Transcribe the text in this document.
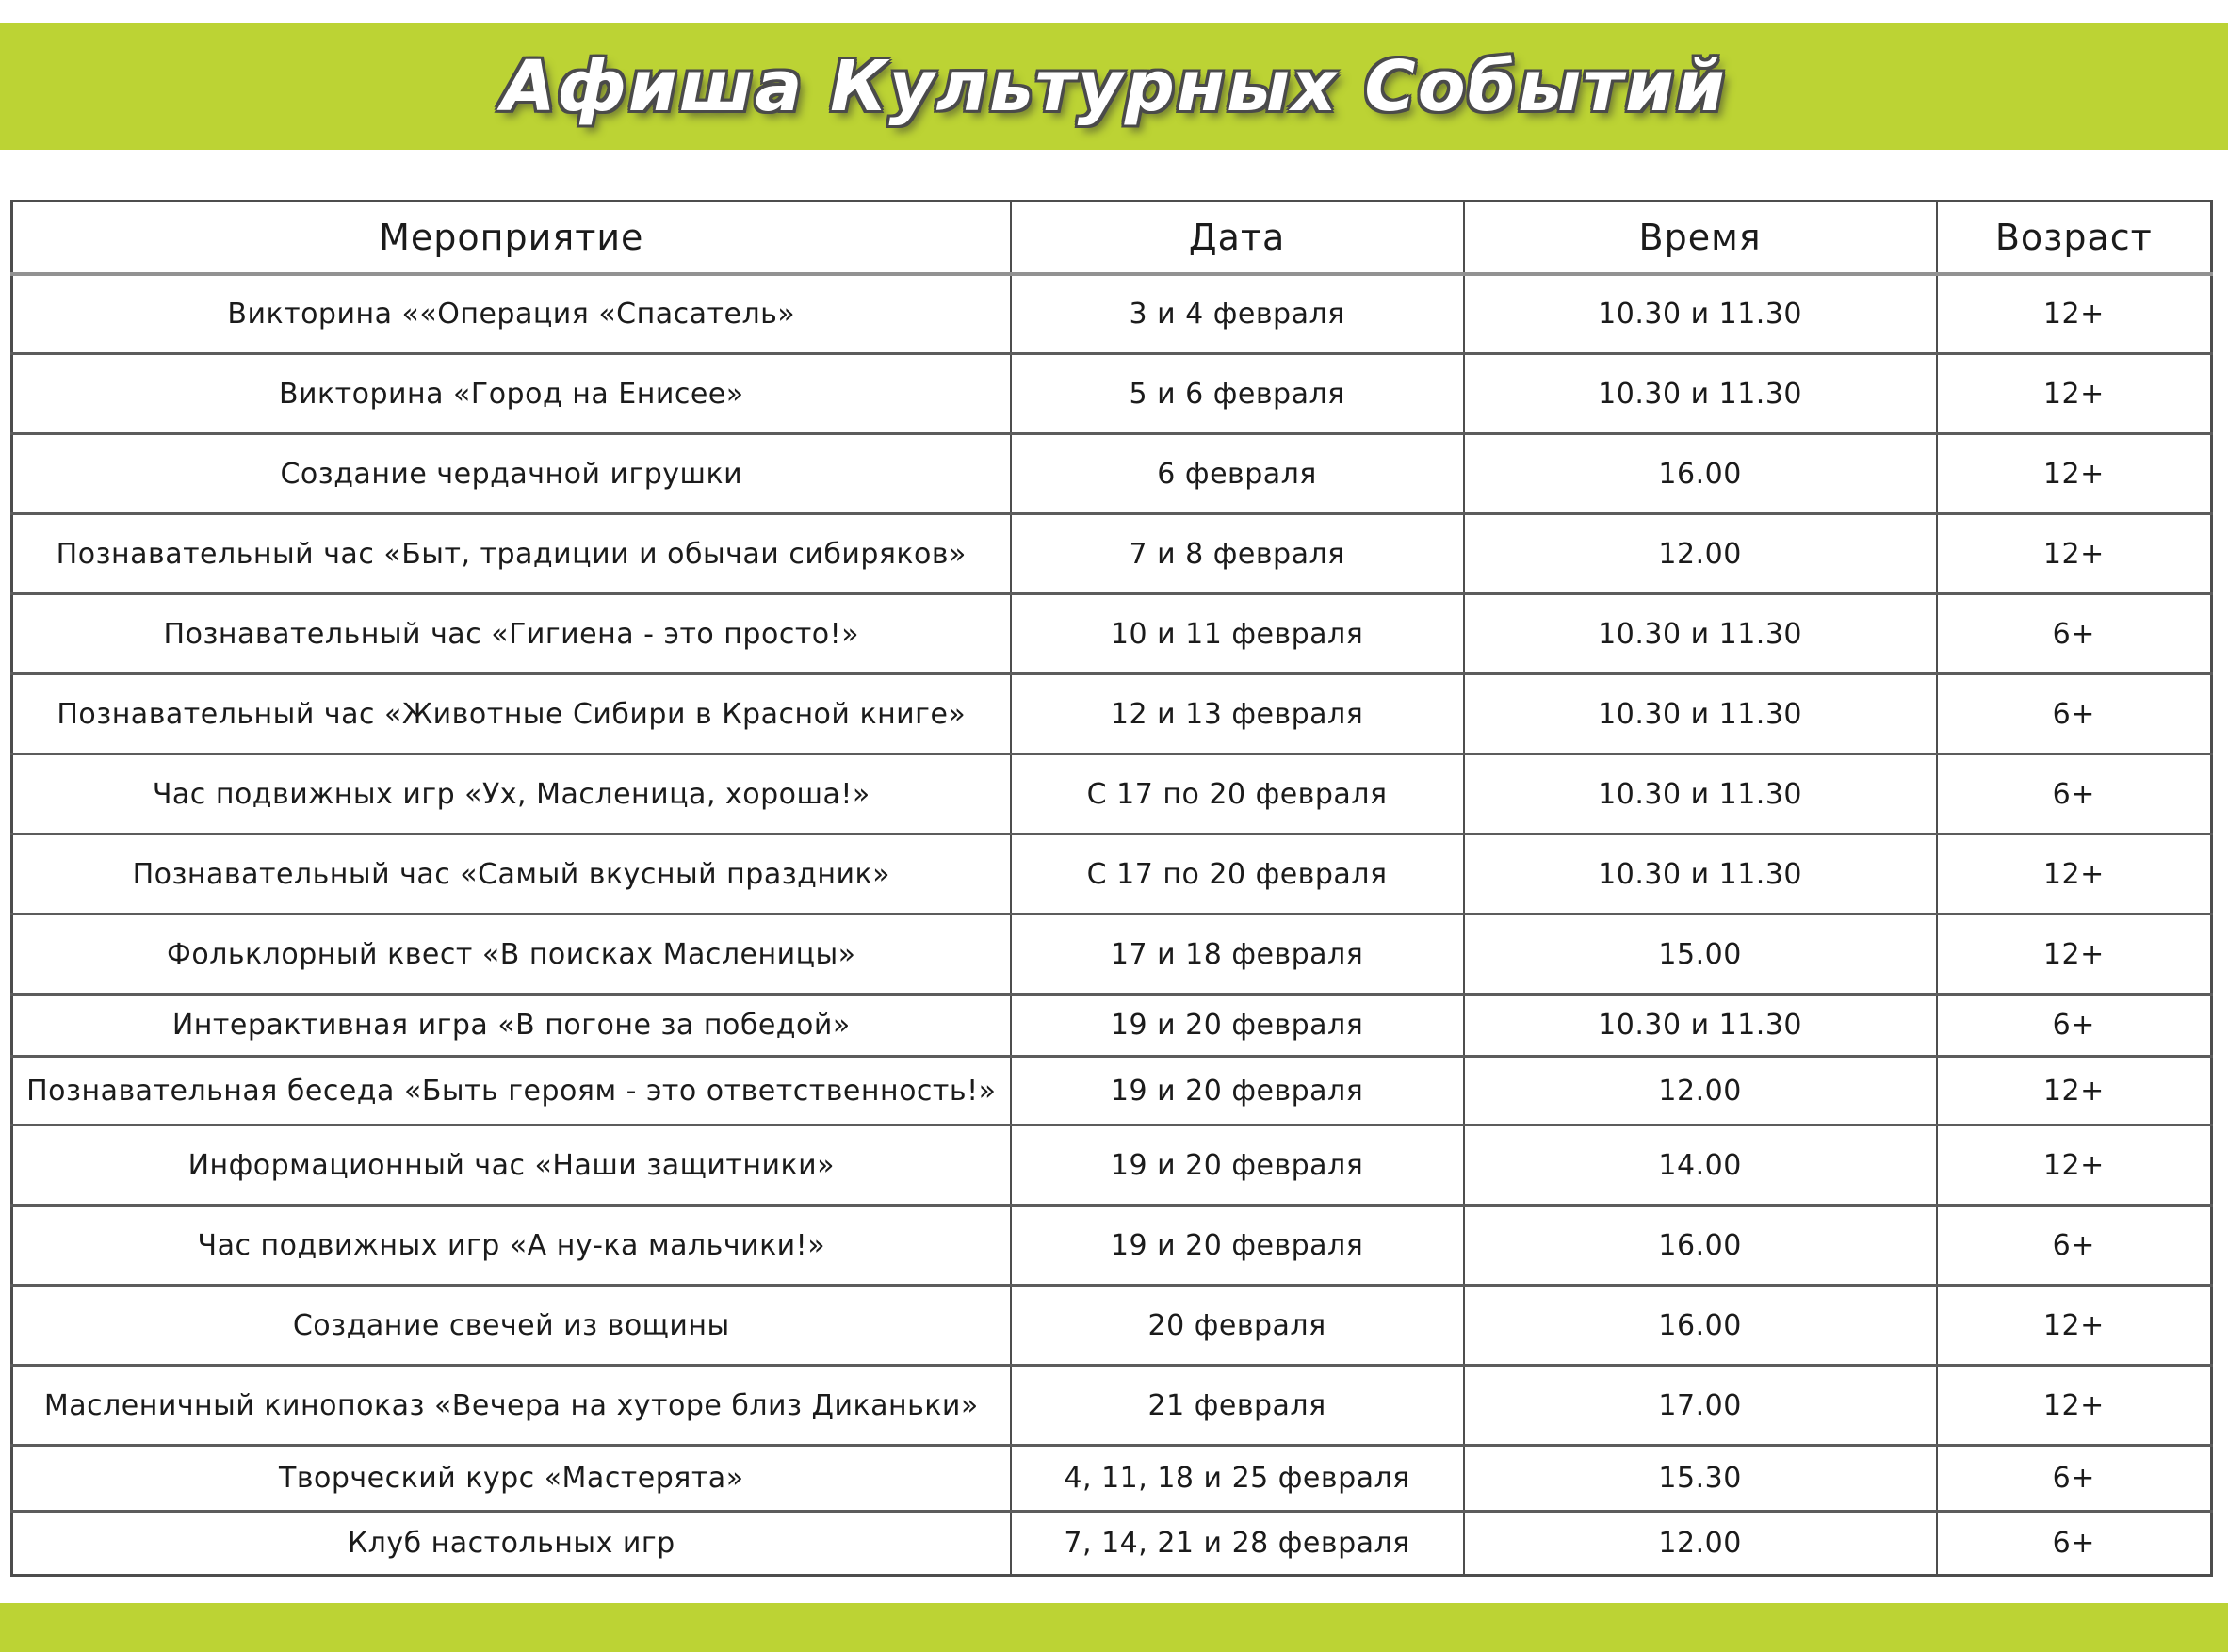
Афиша Культурных Событий
Мероприятие	Дата	Время	Возраст
Викторина ««Операция «Спасатель»	3 и 4 февраля	10.30 и 11.30	12+
Викторина «Город на Енисее»	5 и 6 февраля	10.30 и 11.30	12+
Создание чердачной игрушки	6 февраля	16.00	12+
Познавательный час «Быт, традиции и обычаи сибиряков»	7 и 8 февраля	12.00	12+
Познавательный час «Гигиена - это просто!»	10 и 11 февраля	10.30 и 11.30	6+
Познавательный час «Животные Сибири в Красной книге»	12 и 13 февраля	10.30 и 11.30	6+
Час подвижных игр «Ух, Масленица, хороша!»	С 17 по 20 февраля	10.30 и 11.30	6+
Познавательный час «Самый вкусный праздник»	С 17 по 20 февраля	10.30 и 11.30	12+
Фольклорный квест «В поисках Масленицы»	17 и 18 февраля	15.00	12+
Интерактивная игра «В погоне за победой»	19 и 20 февраля	10.30 и 11.30	6+
Познавательная беседа «Быть героям - это ответственность!»	19 и 20 февраля	12.00	12+
Информационный час «Наши защитники»	19 и 20 февраля	14.00	12+
Час подвижных игр «А ну-ка мальчики!»	19 и 20 февраля	16.00	6+
Создание свечей из вощины	20 февраля	16.00	12+
Масленичный кинопоказ «Вечера на хуторе близ Диканьки»	21 февраля	17.00	12+
Творческий курс «Мастерята»	4, 11, 18 и 25 февраля	15.30	6+
Клуб настольных игр	7, 14, 21 и 28 февраля	12.00	6+
